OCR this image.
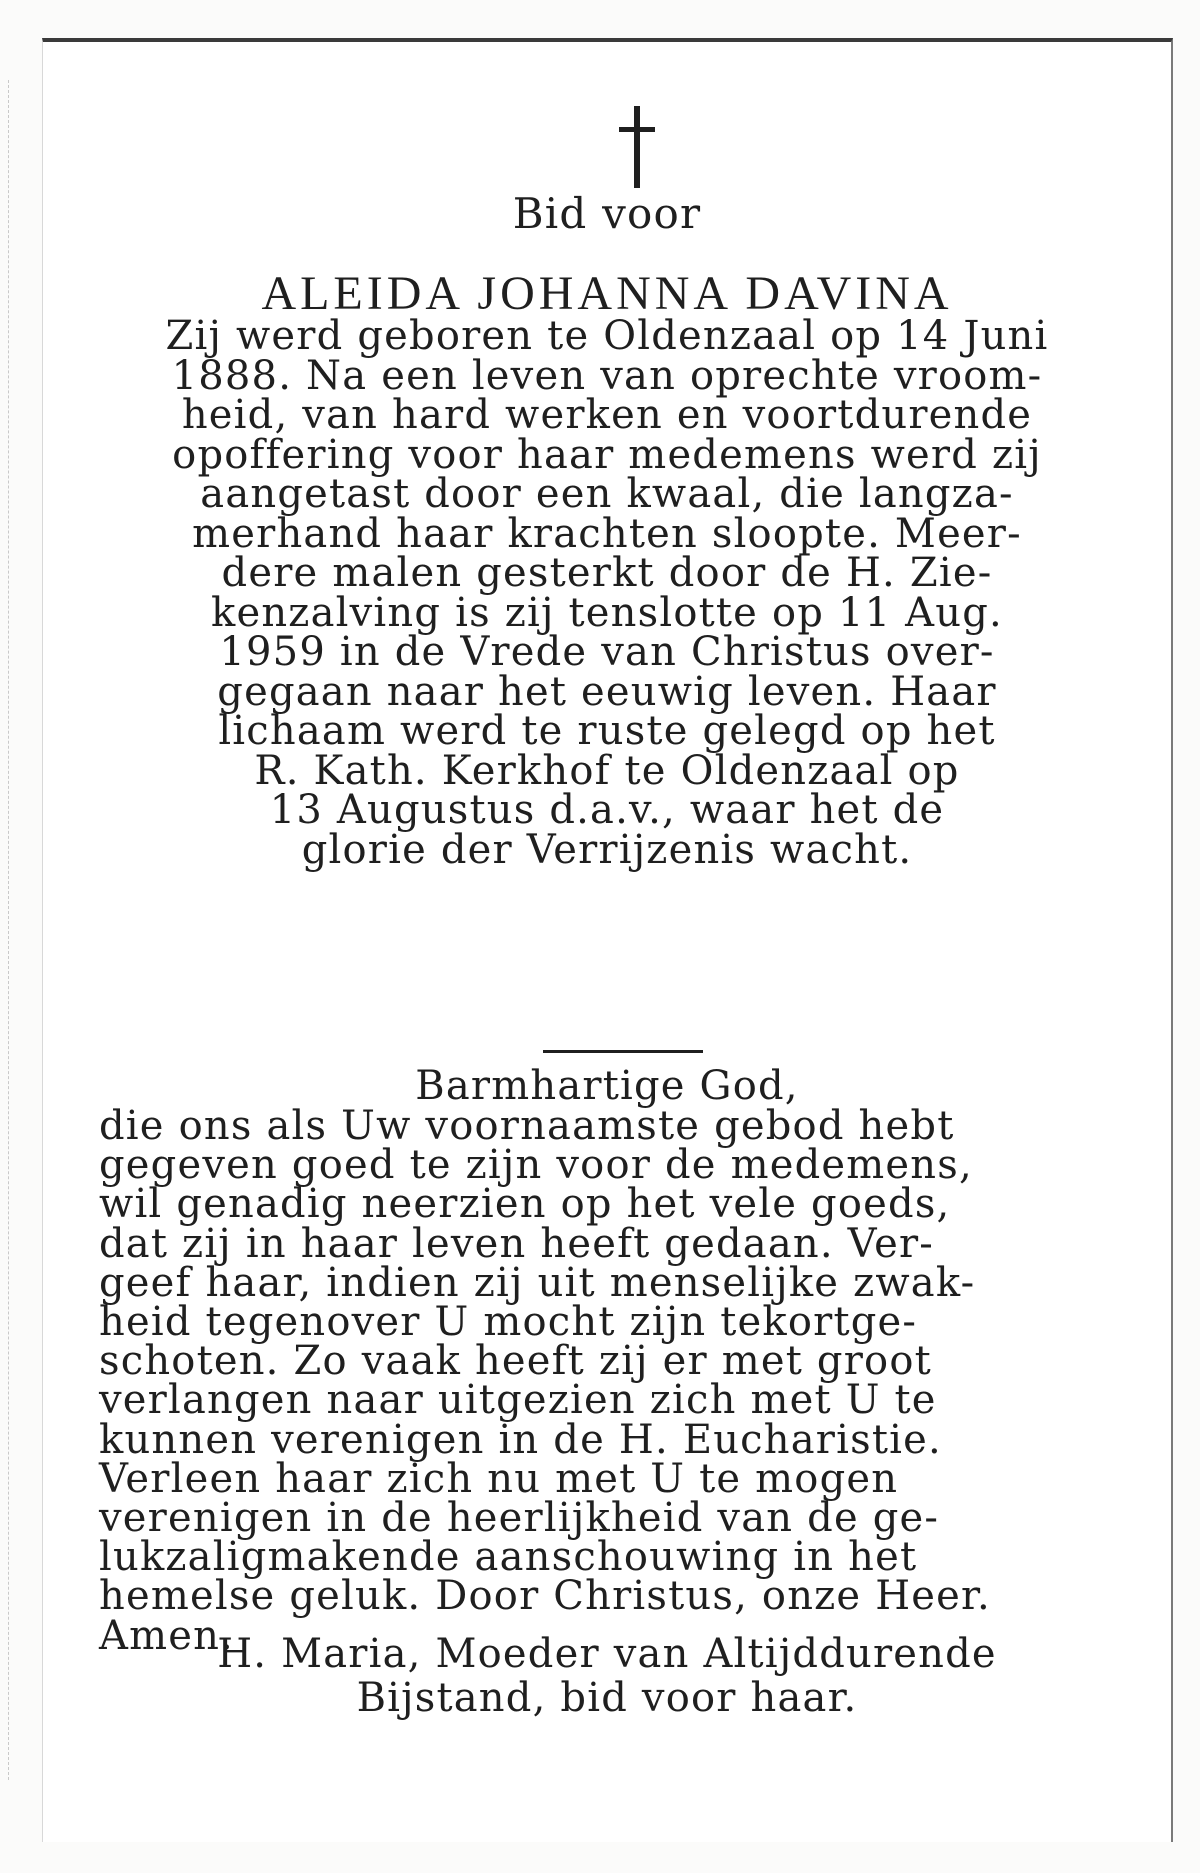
Bid voor
ALEIDA JOHANNA DAVINA
Zij werd geboren te Oldenzaal op 14 Juni
1888. Na een leven van oprechte vroom-
heid, van hard werken en voortdurende
opoffering voor haar medemens werd zij
aangetast door een kwaal, die langza-
merhand haar krachten sloopte. Meer-
dere malen gesterkt door de H. Zie-
kenzalving is zij tenslotte op 11 Aug.
1959 in de Vrede van Christus over-
gegaan naar het eeuwig leven. Haar
lichaam werd te ruste gelegd op het
R. Kath. Kerkhof te Oldenzaal op
13 Augustus d.a.v., waar het de
glorie der Verrijzenis wacht.
Barmhartige God,
die ons als Uw voornaamste gebod hebt
gegeven goed te zijn voor de medemens,
wil genadig neerzien op het vele goeds,
dat zij in haar leven heeft gedaan. Ver-
geef haar, indien zij uit menselijke zwak-
heid tegenover U mocht zijn tekortge-
schoten. Zo vaak heeft zij er met groot
verlangen naar uitgezien zich met U te
kunnen verenigen in de H. Eucharistie.
Verleen haar zich nu met U te mogen
verenigen in de heerlijkheid van de ge-
lukzaligmakende aanschouwing in het
hemelse geluk. Door Christus, onze Heer.
Amen.
H. Maria, Moeder van Altijddurende
Bijstand, bid voor haar.
